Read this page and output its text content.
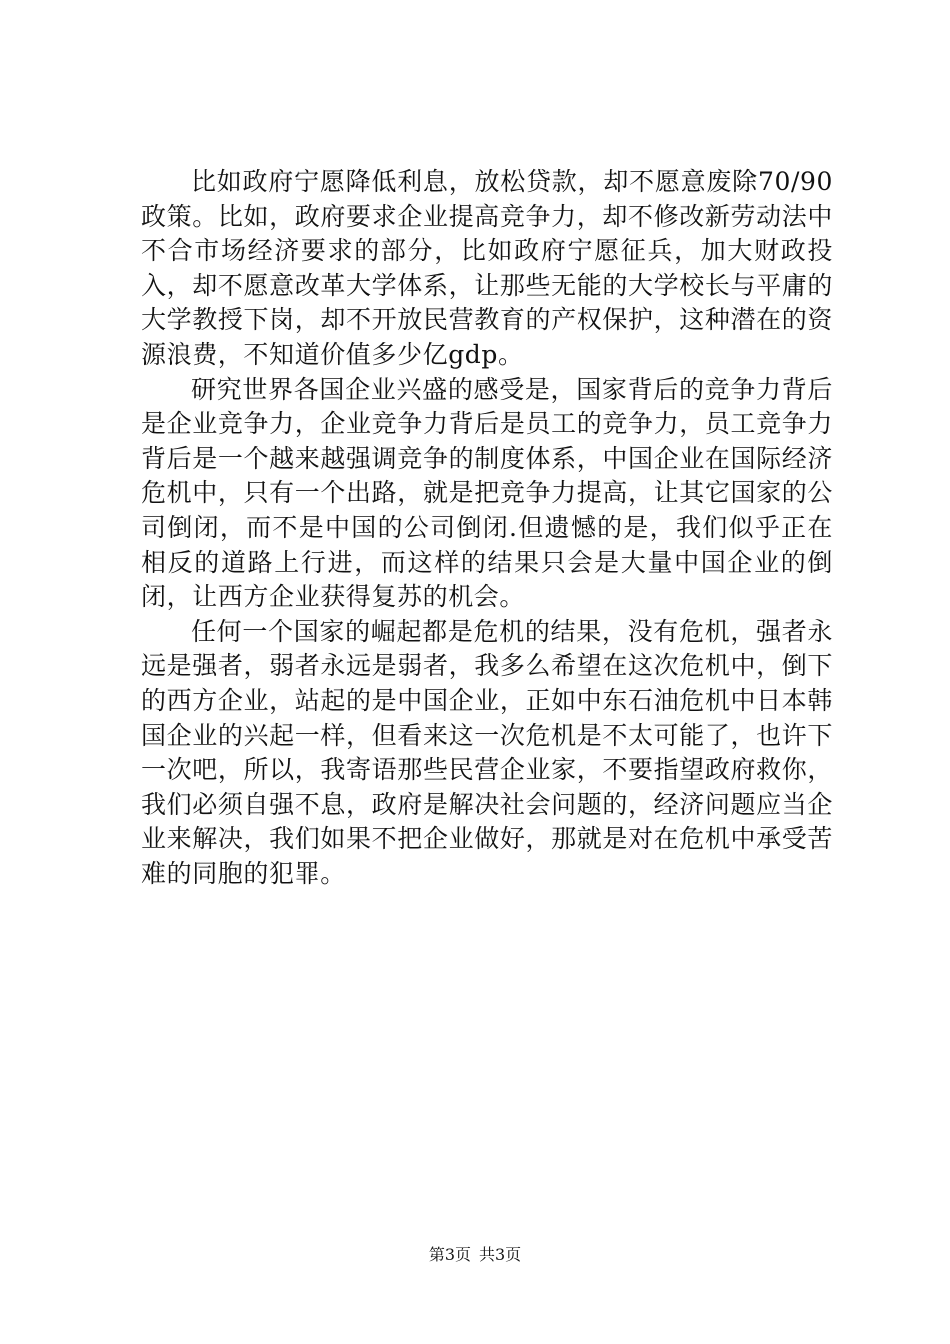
比如政府宁愿降低利息，放松贷款，却不愿意废除70/90政策。比如，政府要求企业提高竞争力，却不修改新劳动法中不合市场经济要求的部分，比如政府宁愿征兵，加大财政投入，却不愿意改革大学体系，让那些无能的大学校长与平庸的大学教授下岗，却不开放民营教育的产权保护，这种潜在的资源浪费，不知道价值多少亿gdp。

研究世界各国企业兴盛的感受是，国家背后的竞争力背后是企业竞争力，企业竞争力背后是员工的竞争力，员工竞争力背后是一个越来越强调竞争的制度体系，中国企业在国际经济危机中，只有一个出路，就是把竞争力提高，让其它国家的公司倒闭，而不是中国的公司倒闭.但遗憾的是，我们似乎正在相反的道路上行进，而这样的结果只会是大量中国企业的倒闭，让西方企业获得复苏的机会。

任何一个国家的崛起都是危机的结果，没有危机，强者永远是强者，弱者永远是弱者，我多么希望在这次危机中，倒下的西方企业，站起的是中国企业，正如中东石油危机中日本韩国企业的兴起一样，但看来这一次危机是不太可能了，也许下一次吧，所以，我寄语那些民营企业家，不要指望政府救你，我们必须自强不息，政府是解决社会问题的，经济问题应当企业来解决，我们如果不把企业做好，那就是对在危机中承受苦难的同胞的犯罪。

第3页 共3页
